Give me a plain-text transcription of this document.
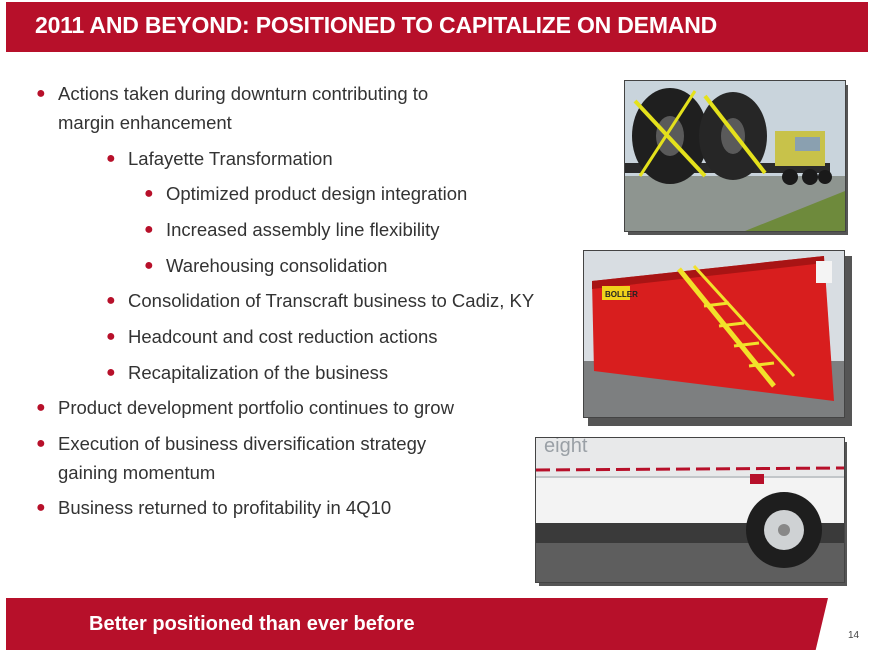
2011 AND BEYOND: POSITIONED TO CAPITALIZE ON DEMAND
● Actions taken during downturn contributing to
margin enhancement
● Lafayette Transformation
● Optimized product design integration
● Increased assembly line flexibility
● Warehousing consolidation
● Consolidation of Transcraft business to Cadiz, KY
● Headcount and cost reduction actions
● Recapitalization of the business
● Product development portfolio continues to grow
● Execution of business diversification strategy
gaining momentum
● Business returned to profitability in 4Q10
BOLLER
eight
Better positioned than ever before
14
